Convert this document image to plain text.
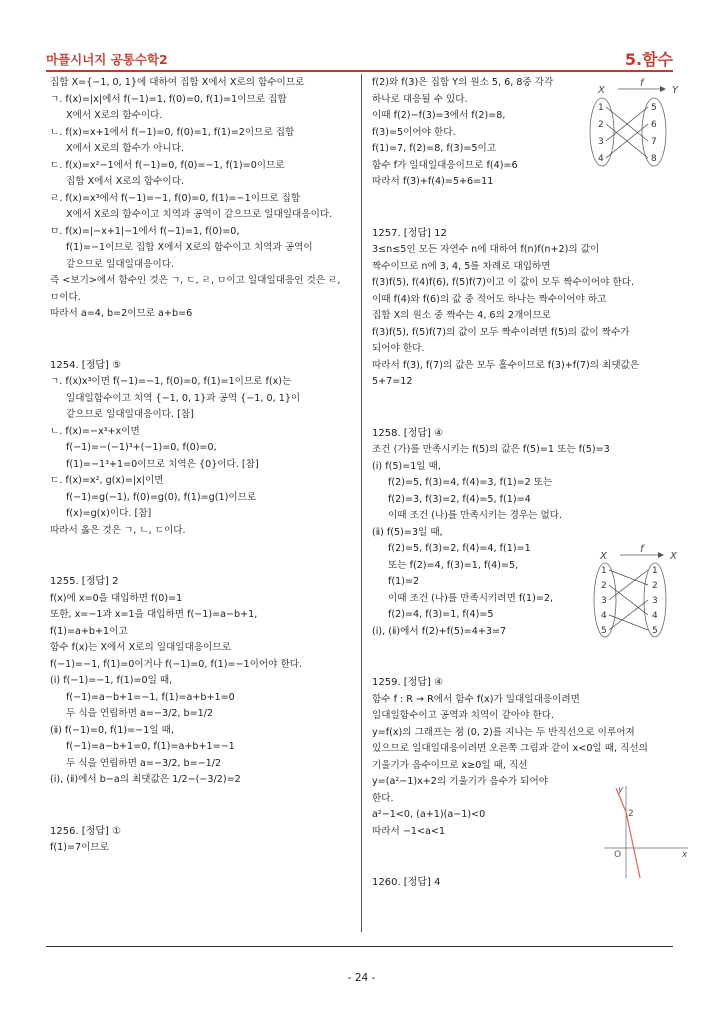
마플시너지 공통수학2	5.함수
집합 X={−1, 0, 1}에 대하여 집합 X에서 X로의 함수이므로
ㄱ. f(x)=|x|에서 f(−1)=1, f(0)=0, f(1)=1이므로 집합
X에서 X로의 함수이다.
ㄴ. f(x)=x+1에서 f(−1)=0, f(0)=1, f(1)=2이므로 집합
X에서 X로의 함수가 아니다.
ㄷ. f(x)=x²−1에서 f(−1)=0, f(0)=−1, f(1)=0이므로
집합 X에서 X로의 함수이다.
ㄹ. f(x)=x³에서 f(−1)=−1, f(0)=0, f(1)=−1이므로 집합
X에서 X로의 함수이고 치역과 공역이 같으므로 일대일대응이다.
ㅁ. f(x)=|−x+1|−1에서 f(−1)=1, f(0)=0,
f(1)=−1이므로 집합 X에서 X로의 함수이고 치역과 공역이
같으므로 일대일대응이다.
즉 <보기>에서 함수인 것은 ㄱ, ㄷ, ㄹ, ㅁ이고 일대일대응인 것은 ㄹ,
ㅁ이다.
따라서 a=4, b=2이므로 a+b=6
1254. [정답] ⑤
ㄱ. f(x)x³이면 f(−1)=−1, f(0)=0, f(1)=1이므로 f(x)는
일대일함수이고 치역 {−1, 0, 1}과 공역 {−1, 0, 1}이
같으므로 일대일대응이다. [참]
ㄴ. f(x)=−x³+x이면
f(−1)=−(−1)³+(−1)=0, f(0)=0,
f(1)=−1³+1=0이므로 치역은 {0}이다. [참]
ㄷ. f(x)=x², g(x)=|x|이면
f(−1)=g(−1), f(0)=g(0), f(1)=g(1)이므로
f(x)=g(x)이다. [참]
따라서 옳은 것은 ㄱ, ㄴ, ㄷ이다.
1255. [정답] 2
f(x)에 x=0을 대입하면 f(0)=1
또한, x=−1과 x=1을 대입하면 f(−1)=a−b+1,
f(1)=a+b+1이고
함수 f(x)는 X에서 X로의 일대일대응이므로
f(−1)=−1, f(1)=0이거나 f(−1)=0, f(1)=−1이어야 한다.
(ⅰ) f(−1)=−1, f(1)=0일 때,
f(−1)=a−b+1=−1, f(1)=a+b+1=0
두 식을 연립하면 a=−3/2, b=1/2
(ⅱ) f(−1)=0, f(1)=−1일 때,
f(−1)=a−b+1=0, f(1)=a+b+1=−1
두 식을 연립하면 a=−3/2, b=−1/2
(ⅰ), (ⅱ)에서 b−a의 최댓값은 1/2−(−3/2)=2
1256. [정답] ①
f(1)=7이므로
f(2)와 f(3)은 집합 Y의 원소 5, 6, 8중 각각
하나로 대응될 수 있다.
이때 f(2)−f(3)=3에서 f(2)=8,
f(3)=5이어야 한다.
f(1)=7, f(2)=8, f(3)=5이고
함수 f가 일대일대응이므로 f(4)=6
따라서 f(3)+f(4)=5+6=11
1257. [정답] 12
3≤n≤5인 모든 자연수 n에 대하여 f(n)f(n+2)의 값이
짝수이므로 n에 3, 4, 5를 차례로 대입하면
f(3)f(5), f(4)f(6), f(5)f(7)이고 이 값이 모두 짝수이어야 한다.
이때 f(4)와 f(6)의 값 중 적어도 하나는 짝수이어야 하고
집합 X의 원소 중 짝수는 4, 6의 2개이므로
f(3)f(5), f(5)f(7)의 값이 모두 짝수이려면 f(5)의 값이 짝수가
되어야 한다.
따라서 f(3), f(7)의 값은 모두 홀수이므로 f(3)+f(7)의 최댓값은
5+7=12
1258. [정답] ④
조건 (가)를 만족시키는 f(5)의 값은 f(5)=1 또는 f(5)=3
(ⅰ) f(5)=1일 때,
f(2)=5, f(3)=4, f(4)=3, f(1)=2 또는
f(2)=3, f(3)=2, f(4)=5, f(1)=4
이때 조건 (나)를 만족시키는 경우는 없다.
(ⅱ) f(5)=3일 때,
f(2)=5, f(3)=2, f(4)=4, f(1)=1
또는 f(2)=4, f(3)=1, f(4)=5,
f(1)=2
이때 조건 (나)를 만족시키려면 f(1)=2,
f(2)=4, f(3)=1, f(4)=5
(ⅰ), (ⅱ)에서 f(2)+f(5)=4+3=7
1259. [정답] ④
함수 f : R → R에서 함수 f(x)가 일대일대응이려면
일대일함수이고 공역과 치역이 같아야 한다.
y=f(x)의 그래프는 점 (0, 2)를 지나는 두 반직선으로 이루어져
있으므로 일대일대응이려면 오른쪽 그림과 같이 x<0일 때, 직선의
기울기가 음수이므로 x≥0일 때, 직선
y=(a²−1)x+2의 기울기가 음수가 되어야
한다.
a²−1<0, (a+1)(a−1)<0
따라서 −1<a<1
1260. [정답] 4
f
X	Y
1
2
3
4
5
6
7
8
f
X	X
1
2
3
4
5
1
2
3
4
5
y
x
O
2
- 24 -
